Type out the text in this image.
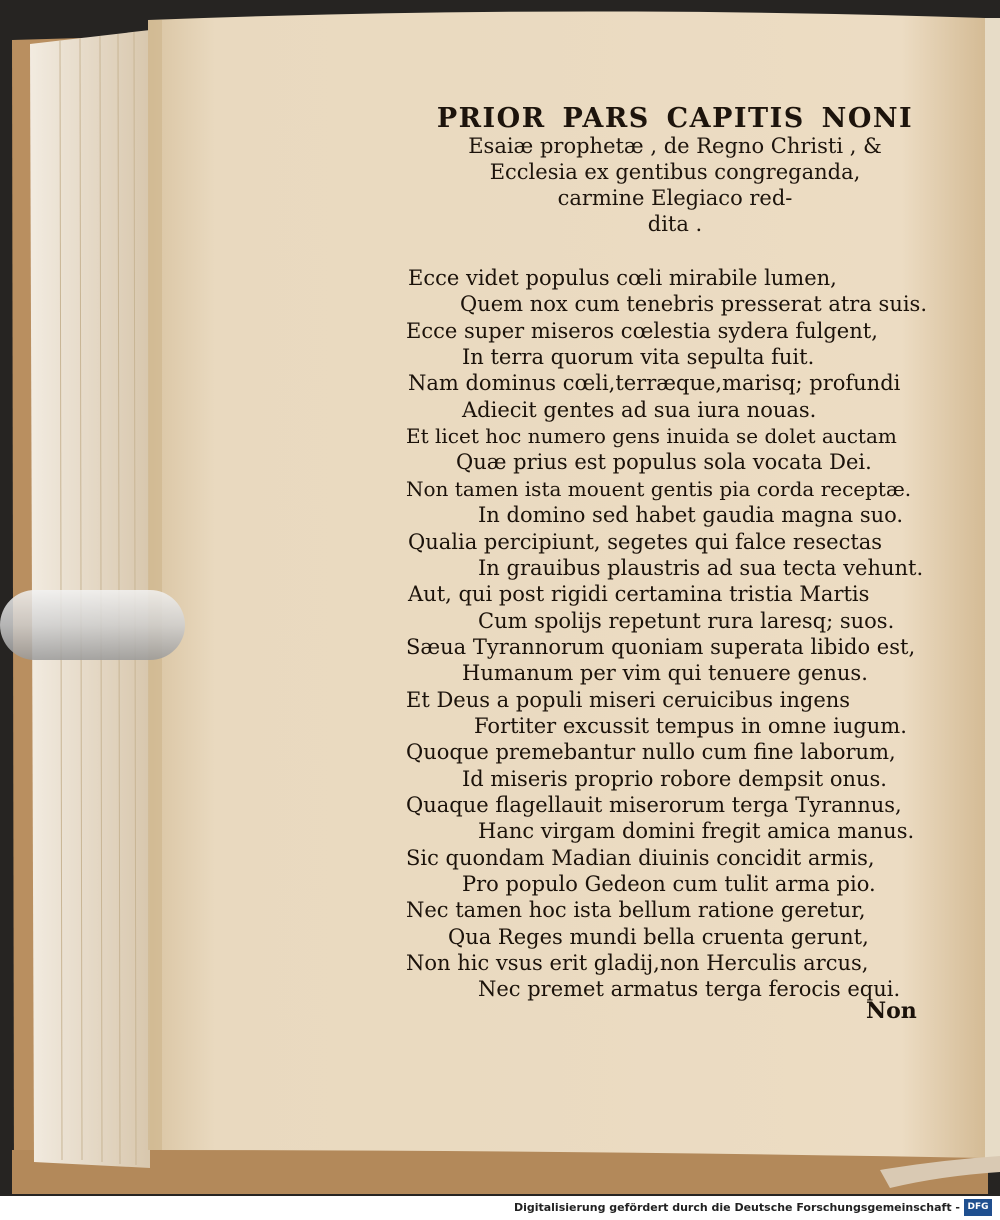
PRIOR PARS CAPITIS NONI
Esaiæ prophetæ , de Regno Christi , &
Ecclesia ex gentibus congreganda,
carmine Elegiaco red-
dita .
Ecce videt populus cœli mirabile lumen,
Quem nox cum tenebris presserat atra suis.
Ecce super miseros cœlestia sydera fulgent,
In terra quorum vita sepulta fuit.
Nam dominus cœli,terræque,marisq; profundi
Adiecit gentes ad sua iura nouas.
Et licet hoc numero gens inuida se dolet auctam
Quæ prius est populus sola vocata Dei.
Non tamen ista mouent gentis pia corda receptæ.
In domino sed habet gaudia magna suo.
Qualia percipiunt, segetes qui falce resectas
In grauibus plaustris ad sua tecta vehunt.
Aut, qui post rigidi certamina tristia Martis
Cum spolijs repetunt rura laresq; suos.
Sæua Tyrannorum quoniam superata libido est,
Humanum per vim qui tenuere genus.
Et Deus a populi miseri ceruicibus ingens
Fortiter excussit tempus in omne iugum.
Quoque premebantur nullo cum fine laborum,
Id miseris proprio robore dempsit onus.
Quaque flagellauit miserorum terga Tyrannus,
Hanc virgam domini fregit amica manus.
Sic quondam Madian diuinis concidit armis,
Pro populo Gedeon cum tulit arma pio.
Nec tamen hoc ista bellum ratione geretur,
Qua Reges mundi bella cruenta gerunt,
Non hic vsus erit gladij,non Herculis arcus,
Nec premet armatus terga ferocis equi.
Non
Digitalisierung gefördert durch die Deutsche Forschungsgemeinschaft - DFG
